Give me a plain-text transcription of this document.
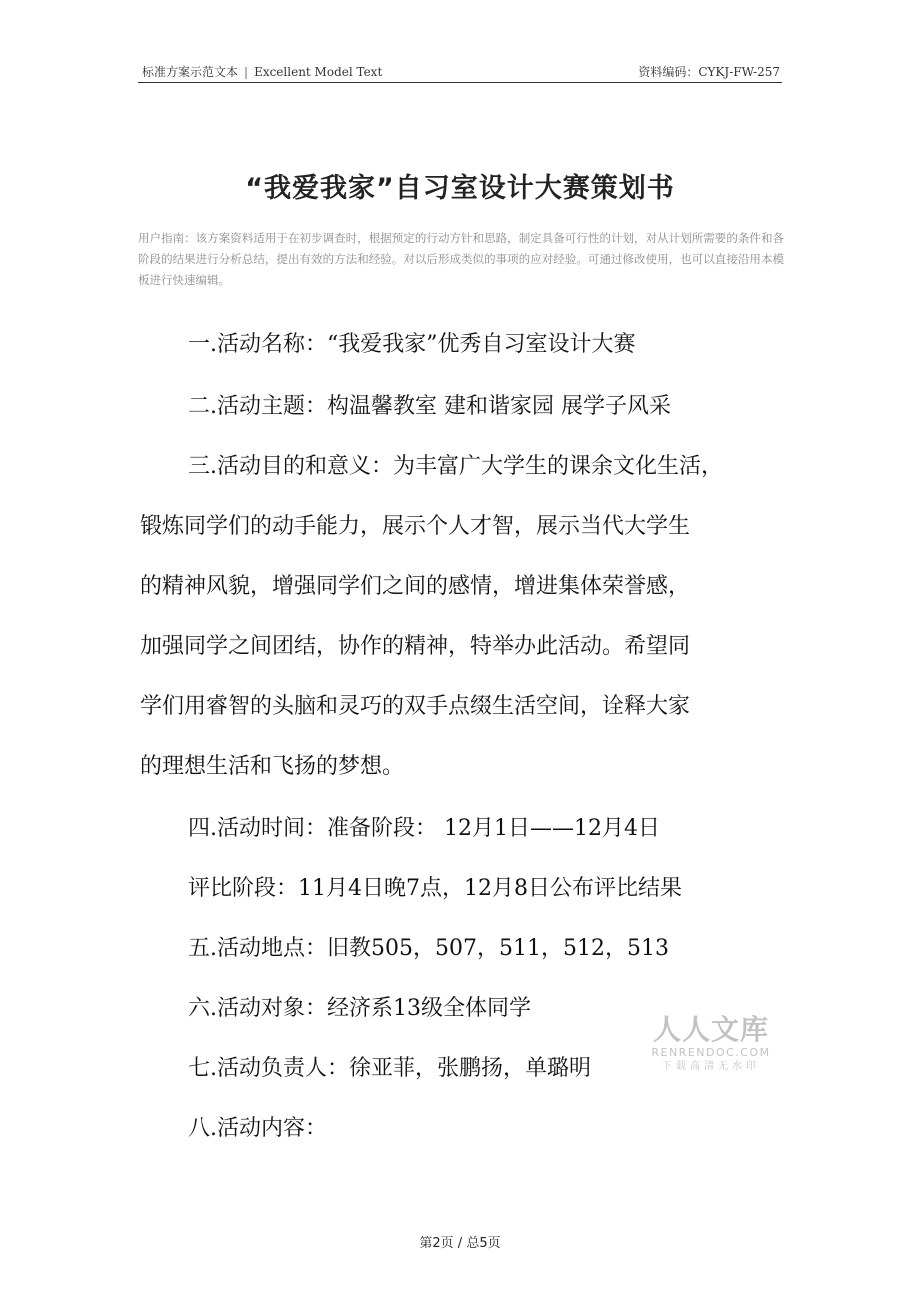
标准方案示范文本 | Excellent Model Text	资料编码：CYKJ-FW-257
“我爱我家”自习室设计大赛策划书
用户指南：该方案资料适用于在初步调查时，根据预定的行动方针和思路，制定具备可行性的计划，对从计划所需要的条件和各阶段的结果进行分析总结，提出有效的方法和经验。对以后形成类似的事项的应对经验。可通过修改使用，也可以直接沿用本模板进行快速编辑。
一.活动名称：“我爱我家”优秀自习室设计大赛
二.活动主题：构温馨教室 建和谐家园 展学子风采
三.活动目的和意义：为丰富广大学生的课余文化生活，
锻炼同学们的动手能力，展示个人才智，展示当代大学生
的精神风貌，增强同学们之间的感情，增进集体荣誉感，
加强同学之间团结，协作的精神，特举办此活动。希望同
学们用睿智的头脑和灵巧的双手点缀生活空间，诠释大家
的理想生活和飞扬的梦想。
四.活动时间：准备阶段： 12月1日——12月4日
评比阶段：11月4日晚7点，12月8日公布评比结果
五.活动地点：旧教505，507，511，512，513
六.活动对象：经济系13级全体同学
七.活动负责人：徐亚菲，张鹏扬，单璐明
八.活动内容：
人人文库
RENRENDOC.COM
下载高清无水印
第2页 / 总5页
